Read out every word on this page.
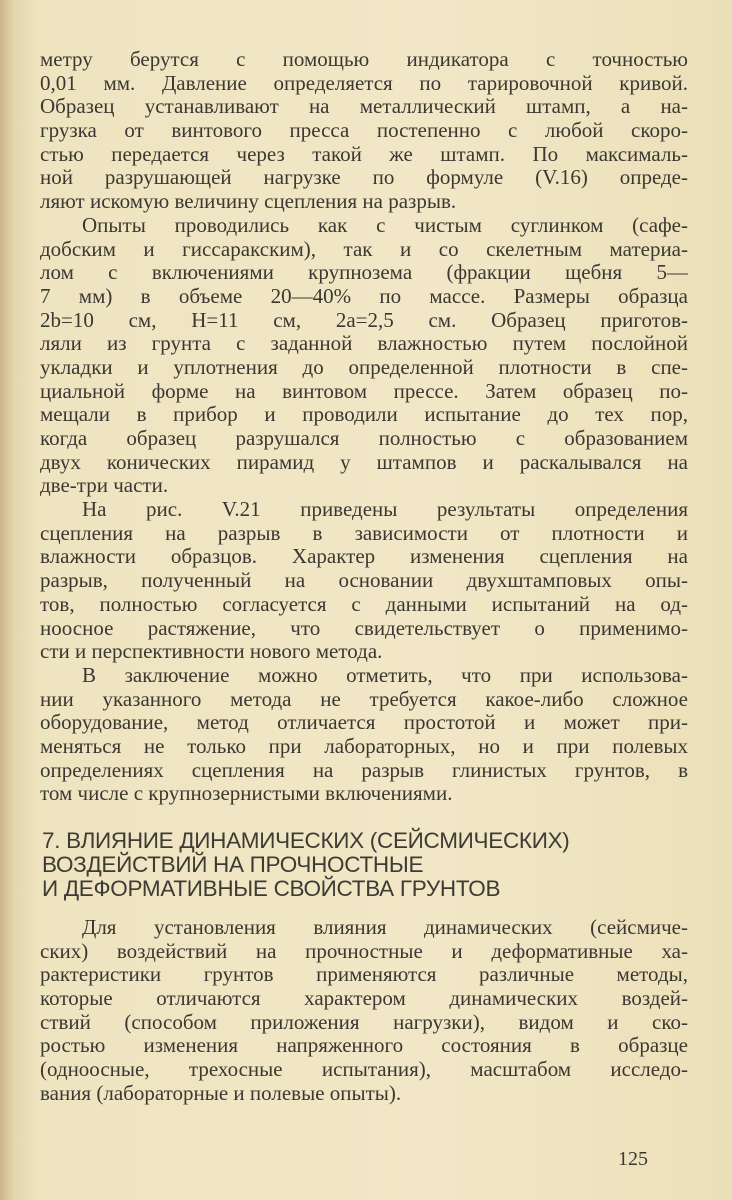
метру берутся с помощью индикатора с точностью
0,01 мм. Давление определяется по тарировочной кривой.
Образец устанавливают на металлический штамп, а на-
грузка от винтового пресса постепенно с любой скоро-
стью передается через такой же штамп. По максималь-
ной разрушающей нагрузке по формуле (V.16) опреде-
ляют искомую величину сцепления на разрыв.
Опыты проводились как с чистым суглинком (сафе-
добским и гиссаракским), так и со скелетным материа-
лом с включениями крупнозема (фракции щебня 5—
7 мм) в объеме 20—40% по массе. Размеры образца
2b=10 см, H=11 см, 2a=2,5 см. Образец приготов-
ляли из грунта с заданной влажностью путем послойной
укладки и уплотнения до определенной плотности в спе-
циальной форме на винтовом прессе. Затем образец по-
мещали в прибор и проводили испытание до тех пор,
когда образец разрушался полностью с образованием
двух конических пирамид у штампов и раскалывался на
две-три части.
На рис. V.21 приведены результаты определения
сцепления на разрыв в зависимости от плотности и
влажности образцов. Характер изменения сцепления на
разрыв, полученный на основании двухштамповых опы-
тов, полностью согласуется с данными испытаний на од-
ноосное растяжение, что свидетельствует о применимо-
сти и перспективности нового метода.
В заключение можно отметить, что при использова-
нии указанного метода не требуется какое-либо сложное
оборудование, метод отличается простотой и может при-
меняться не только при лабораторных, но и при полевых
определениях сцепления на разрыв глинистых грунтов, в
том числе с крупнозернистыми включениями.
7. ВЛИЯНИЕ ДИНАМИЧЕСКИХ (СЕЙСМИЧЕСКИХ)
ВОЗДЕЙСТВИЙ НА ПРОЧНОСТНЫЕ
И ДЕФОРМАТИВНЫЕ СВОЙСТВА ГРУНТОВ
Для установления влияния динамических (сейсмиче-
ских) воздействий на прочностные и деформативные ха-
рактеристики грунтов применяются различные методы,
которые отличаются характером динамических воздей-
ствий (способом приложения нагрузки), видом и ско-
ростью изменения напряженного состояния в образце
(одноосные, трехосные испытания), масштабом исследо-
вания (лабораторные и полевые опыты).
125
